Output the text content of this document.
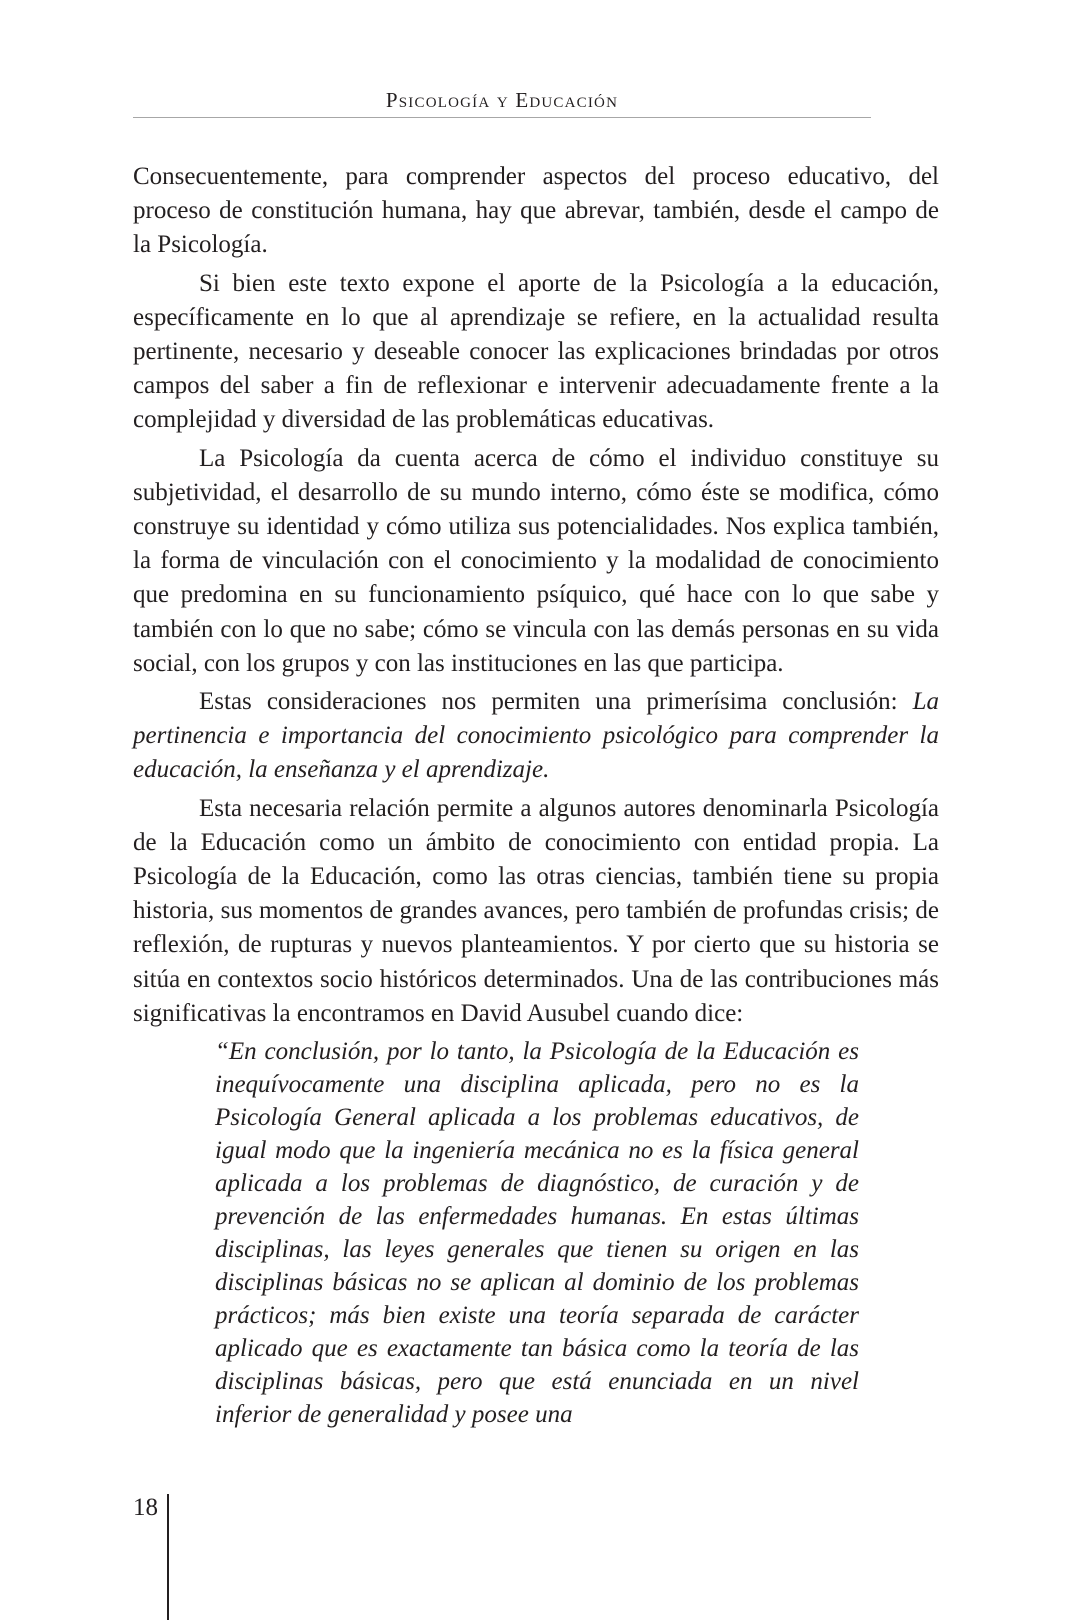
Psicología y Educación

Consecuentemente, para comprender aspectos del proceso educativo, del proceso de constitución humana, hay que abrevar, también, desde el campo de la Psicología.

Si bien este texto expone el aporte de la Psicología a la educación, específicamente en lo que al aprendizaje se refiere, en la actualidad resulta pertinente, necesario y deseable conocer las explicaciones brindadas por otros campos del saber a fin de reflexionar e intervenir adecuadamente frente a la complejidad y diversidad de las problemáticas educativas.

La Psicología da cuenta acerca de cómo el individuo constituye su subjetividad, el desarrollo de su mundo interno, cómo éste se modifica, cómo construye su identidad y cómo utiliza sus potencialidades. Nos explica también, la forma de vinculación con el conocimiento y la modalidad de conocimiento que predomina en su funcionamiento psíquico, qué hace con lo que sabe y también con lo que no sabe; cómo se vincula con las demás personas en su vida social, con los grupos y con las instituciones en las que participa.

Estas consideraciones nos permiten una primerísima conclusión: La pertinencia e importancia del conocimiento psicológico para comprender la educación, la enseñanza y el aprendizaje.

Esta necesaria relación permite a algunos autores denominarla Psicología de la Educación como un ámbito de conocimiento con entidad propia. La Psicología de la Educación, como las otras ciencias, también tiene su propia historia, sus momentos de grandes avances, pero también de profundas crisis; de reflexión, de rupturas y nuevos planteamientos. Y por cierto que su historia se sitúa en contextos socio históricos determinados. Una de las contribuciones más significativas la encontramos en David Ausubel cuando dice:

“En conclusión, por lo tanto, la Psicología de la Educación es inequívocamente una disciplina aplicada, pero no es la Psicología General aplicada a los problemas educativos, de igual modo que la ingeniería mecánica no es la física general aplicada a los problemas de diagnóstico, de curación y de prevención de las enfermedades humanas. En estas últimas disciplinas, las leyes generales que tienen su origen en las disciplinas básicas no se aplican al dominio de los problemas prácticos; más bien existe una teoría separada de carácter aplicado que es exactamente tan básica como la teoría de las disciplinas básicas, pero que está enunciada en un nivel inferior de generalidad y posee una

18
